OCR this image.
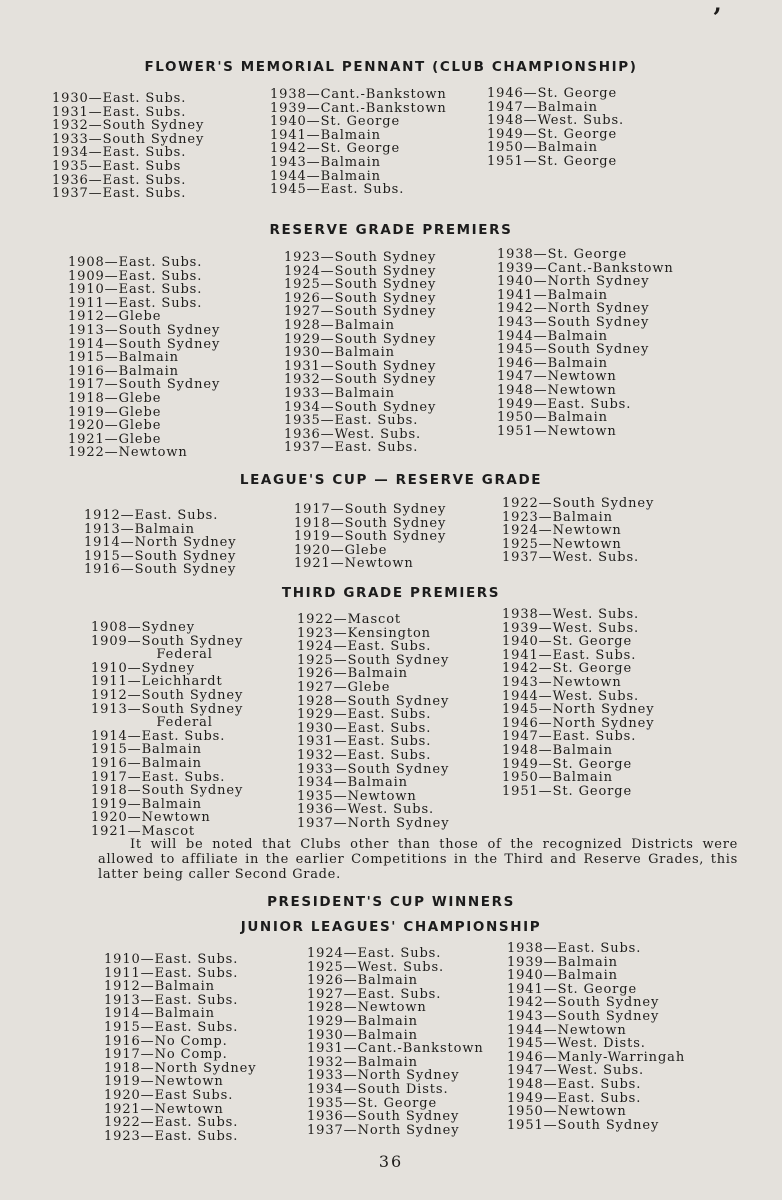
ʼ
FLOWER'S MEMORIAL PENNANT (CLUB CHAMPIONSHIP)
1930—East. Subs.
1931—East. Subs.
1932—South Sydney
1933—South Sydney
1934—East. Subs.
1935—East. Subs
1936—East. Subs.
1937—East. Subs.
1938—Cant.-Bankstown
1939—Cant.-Bankstown
1940—St. George
1941—Balmain
1942—St. George
1943—Balmain
1944—Balmain
1945—East. Subs.
1946—St. George
1947—Balmain
1948—West. Subs.
1949—St. George
1950—Balmain
1951—St. George
RESERVE GRADE PREMIERS
1908—East. Subs.
1909—East. Subs.
1910—East. Subs.
1911—East. Subs.
1912—Glebe
1913—South Sydney
1914—South Sydney
1915—Balmain
1916—Balmain
1917—South Sydney
1918—Glebe
1919—Glebe
1920—Glebe
1921—Glebe
1922—Newtown
1923—South Sydney
1924—South Sydney
1925—South Sydney
1926—South Sydney
1927—South Sydney
1928—Balmain
1929—South Sydney
1930—Balmain
1931—South Sydney
1932—South Sydney
1933—Balmain
1934—South Sydney
1935—East. Subs.
1936—West. Subs.
1937—East. Subs.
1938—St. George
1939—Cant.-Bankstown
1940—North Sydney
1941—Balmain
1942—North Sydney
1943—South Sydney
1944—Balmain
1945—South Sydney
1946—Balmain
1947—Newtown
1948—Newtown
1949—East. Subs.
1950—Balmain
1951—Newtown
LEAGUE'S CUP — RESERVE GRADE
1912—East. Subs.
1913—Balmain
1914—North Sydney
1915—South Sydney
1916—South Sydney
1917—South Sydney
1918—South Sydney
1919—South Sydney
1920—Glebe
1921—Newtown
1922—South Sydney
1923—Balmain
1924—Newtown
1925—Newtown
1937—West. Subs.
THIRD GRADE PREMIERS
1908—Sydney
1909—South Sydney
Federal
1910—Sydney
1911—Leichhardt
1912—South Sydney
1913—South Sydney
Federal
1914—East. Subs.
1915—Balmain
1916—Balmain
1917—East. Subs.
1918—South Sydney
1919—Balmain
1920—Newtown
1921—Mascot
1922—Mascot
1923—Kensington
1924—East. Subs.
1925—South Sydney
1926—Balmain
1927—Glebe
1928—South Sydney
1929—East. Subs.
1930—East. Subs.
1931—East. Subs.
1932—East. Subs.
1933—South Sydney
1934—Balmain
1935—Newtown
1936—West. Subs.
1937—North Sydney
1938—West. Subs.
1939—West. Subs.
1940—St. George
1941—East. Subs.
1942—St. George
1943—Newtown
1944—West. Subs.
1945—North Sydney
1946—North Sydney
1947—East. Subs.
1948—Balmain
1949—St. George
1950—Balmain
1951—St. George
It will be noted that Clubs other than those of the recognized Districts were allowed to affiliate in the earlier Competitions in the Third and Reserve Grades, this latter being caller Second Grade.
PRESIDENT'S CUP WINNERS
JUNIOR LEAGUES' CHAMPIONSHIP
1910—East. Subs.
1911—East. Subs.
1912—Balmain
1913—East. Subs.
1914—Balmain
1915—East. Subs.
1916—No Comp.
1917—No Comp.
1918—North Sydney
1919—Newtown
1920—East Subs.
1921—Newtown
1922—East. Subs.
1923—East. Subs.
1924—East. Subs.
1925—West. Subs.
1926—Balmain
1927—East. Subs.
1928—Newtown
1929—Balmain
1930—Balmain
1931—Cant.-Bankstown
1932—Balmain
1933—North Sydney
1934—South Dists.
1935—St. George
1936—South Sydney
1937—North Sydney
1938—East. Subs.
1939—Balmain
1940—Balmain
1941—St. George
1942—South Sydney
1943—South Sydney
1944—Newtown
1945—West. Dists.
1946—Manly-Warringah
1947—West. Subs.
1948—East. Subs.
1949—East. Subs.
1950—Newtown
1951—South Sydney
36
